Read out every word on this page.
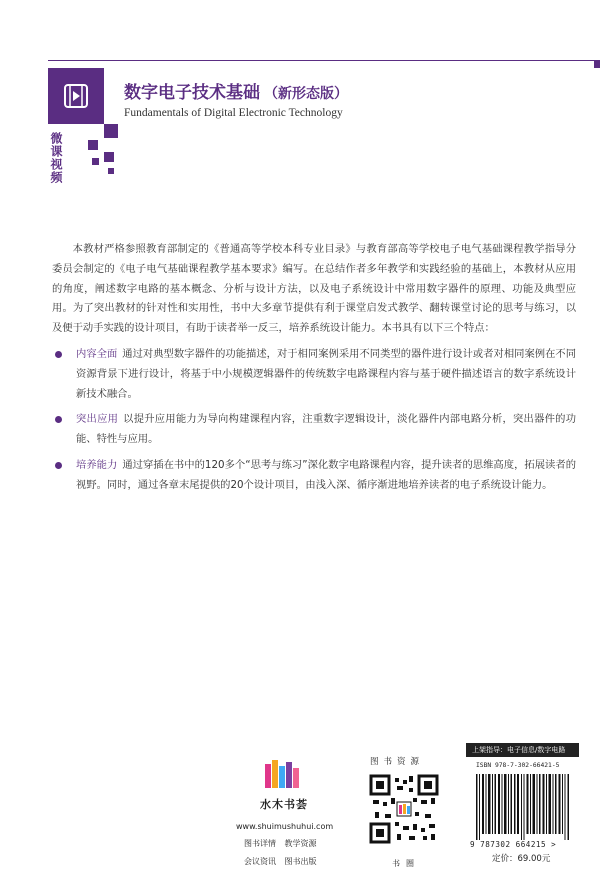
微课视频
数字电子技术基础 （新形态版）
Fundamentals of Digital Electronic Technology

本教材严格参照教育部制定的《普通高等学校本科专业目录》与教育部高等学校电子电气基础课程教学指导分委员会制定的《电子电气基础课程教学基本要求》编写。在总结作者多年教学和实践经验的基础上，本教材从应用的角度，阐述数字电路的基本概念、分析与设计方法，以及电子系统设计中常用数字器件的原理、功能及典型应用。为了突出教材的针对性和实用性，书中大多章节提供有利于课堂启发式教学、翻转课堂讨论的思考与练习，以及便于动手实践的设计项目，有助于读者举一反三，培养系统设计能力。本书具有以下三个特点：

内容全面 通过对典型数字器件的功能描述，对于相同案例采用不同类型的器件进行设计或者对相同案例在不同资源背景下进行设计，将基于中小规模逻辑器件的传统数字电路课程内容与基于硬件描述语言的数字系统设计新技术融合。
突出应用 以提升应用能力为导向构建课程内容，注重数字逻辑设计，淡化器件内部电路分析，突出器件的功能、特性与应用。
培养能力 通过穿插在书中的120多个“思考与练习”深化数字电路课程内容，提升读者的思维高度，拓展读者的视野。同时，通过各章末尾提供的20个设计项目，由浅入深、循序渐进地培养读者的电子系统设计能力。
水木书荟
www.shuimushuhui.com
图书详情 教学资源
会议资讯 图书出版
图书资源
书圈
上架指导：电子信息/数字电路
ISBN 978-7-302-66421-5
9 787302 664215 >
定价：69.00元
